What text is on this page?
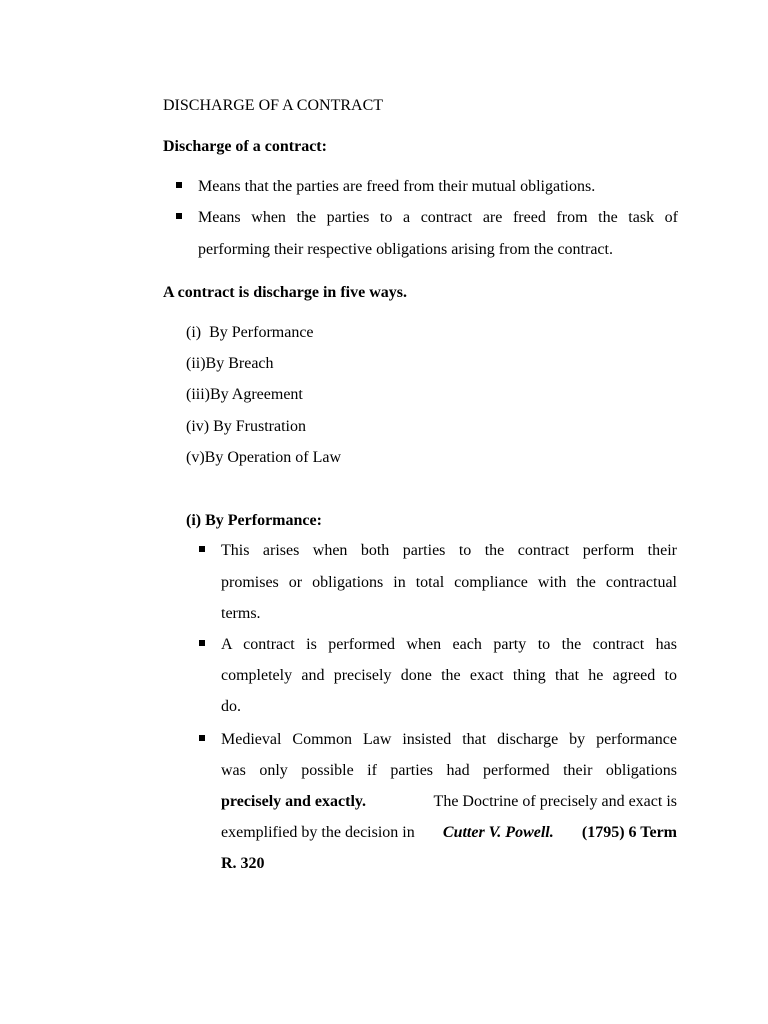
DISCHARGE OF A CONTRACT
Discharge of a contract:
Means that the parties are freed from their mutual obligations.
Means when the parties to a contract are freed from the task of
performing their respective obligations arising from the contract.
A contract is discharge in five ways.
(i) By Performance
(ii)By Breach
(iii)By Agreement
(iv) By Frustration
(v)By Operation of Law
(i) By Performance:
This arises when both parties to the contract perform their
promises or obligations in total compliance with the contractual
terms.
A contract is performed when each party to the contract has
completely and precisely done the exact thing that he agreed to
do.
Medieval Common Law insisted that discharge by performance
was only possible if parties had performed their obligations
precisely and exactly.	The Doctrine of precisely and exact is
exemplified by the decision in Cutter V. Powell. (1795) 6 Term
R. 320
